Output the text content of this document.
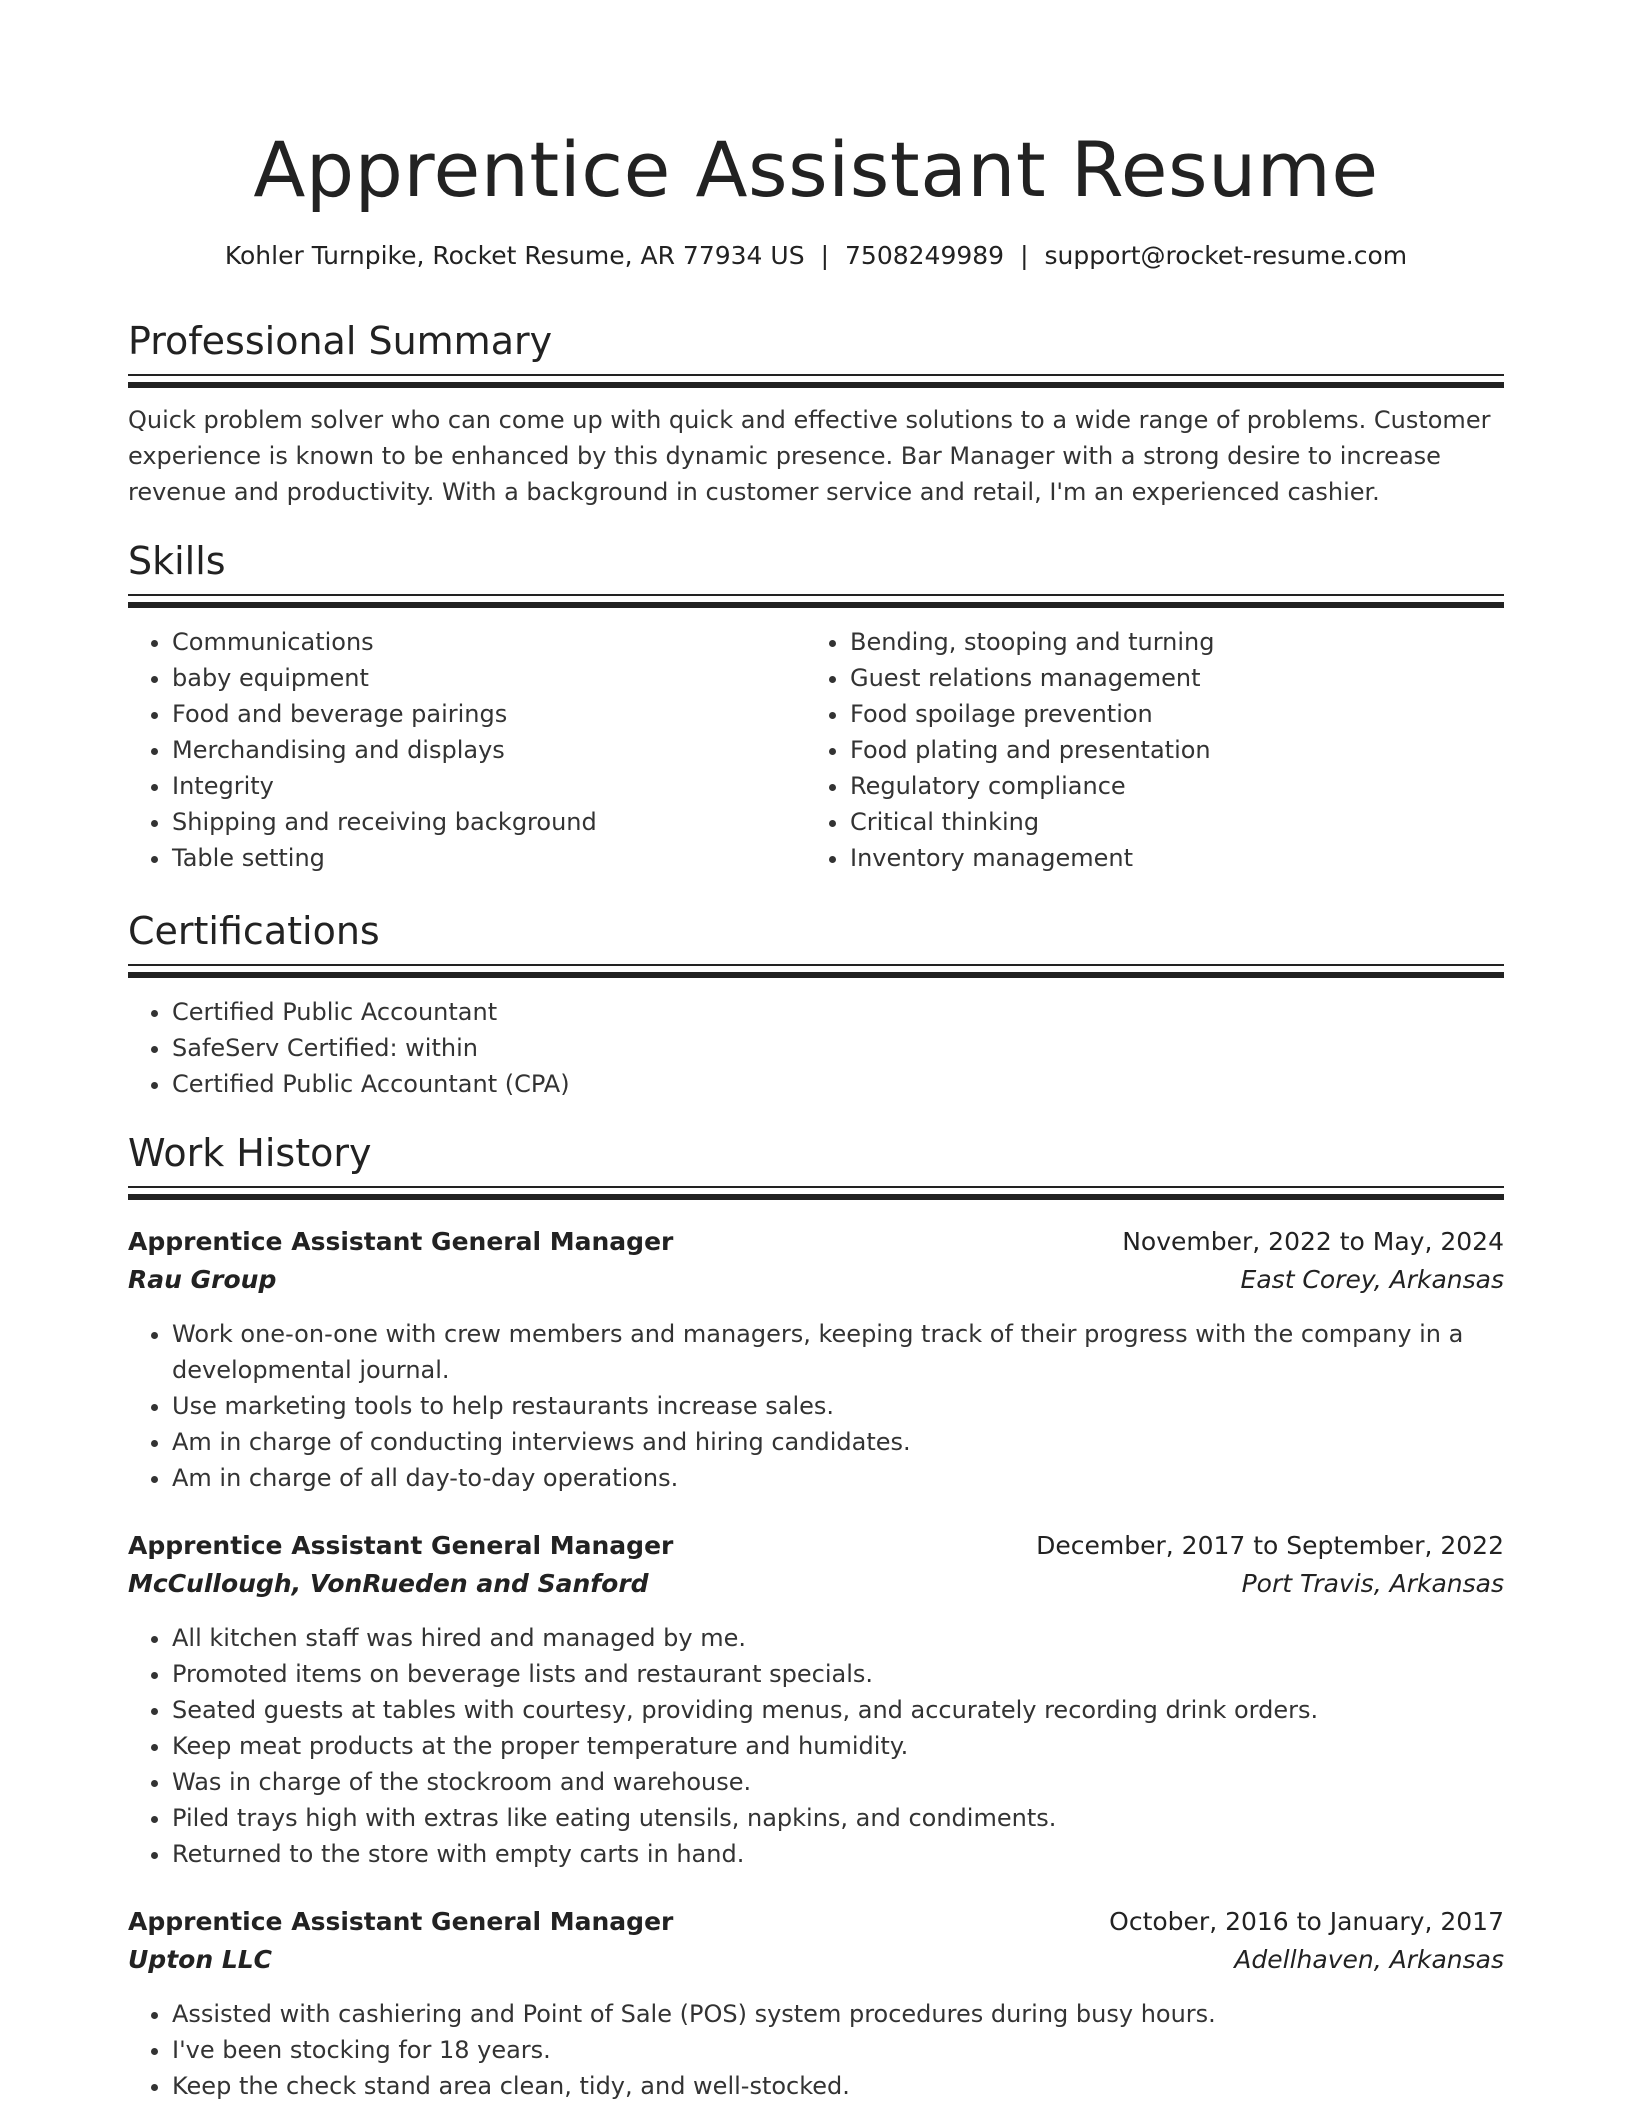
Apprentice Assistant Resume
Kohler Turnpike, Rocket Resume, AR 77934 US | 7508249989 | support@rocket-resume.com
Professional Summary
Quick problem solver who can come up with quick and effective solutions to a wide range of problems. Customer experience is known to be enhanced by this dynamic presence. Bar Manager with a strong desire to increase revenue and productivity. With a background in customer service and retail, I'm an experienced cashier.
Skills
• Communications
• baby equipment
• Food and beverage pairings
• Merchandising and displays
• Integrity
• Shipping and receiving background
• Table setting
• Bending, stooping and turning
• Guest relations management
• Food spoilage prevention
• Food plating and presentation
• Regulatory compliance
• Critical thinking
• Inventory management
Certifications
• Certified Public Accountant
• SafeServ Certified: within
• Certified Public Accountant (CPA)
Work History
Apprentice Assistant General Manager	November, 2022 to May, 2024
Rau Group	East Corey, Arkansas
• Work one-on-one with crew members and managers, keeping track of their progress with the company in a developmental journal.
• Use marketing tools to help restaurants increase sales.
• Am in charge of conducting interviews and hiring candidates.
• Am in charge of all day-to-day operations.
Apprentice Assistant General Manager	December, 2017 to September, 2022
McCullough, VonRueden and Sanford	Port Travis, Arkansas
• All kitchen staff was hired and managed by me.
• Promoted items on beverage lists and restaurant specials.
• Seated guests at tables with courtesy, providing menus, and accurately recording drink orders.
• Keep meat products at the proper temperature and humidity.
• Was in charge of the stockroom and warehouse.
• Piled trays high with extras like eating utensils, napkins, and condiments.
• Returned to the store with empty carts in hand.
Apprentice Assistant General Manager	October, 2016 to January, 2017
Upton LLC	Adellhaven, Arkansas
• Assisted with cashiering and Point of Sale (POS) system procedures during busy hours.
• I've been stocking for 18 years.
• Keep the check stand area clean, tidy, and well-stocked.
